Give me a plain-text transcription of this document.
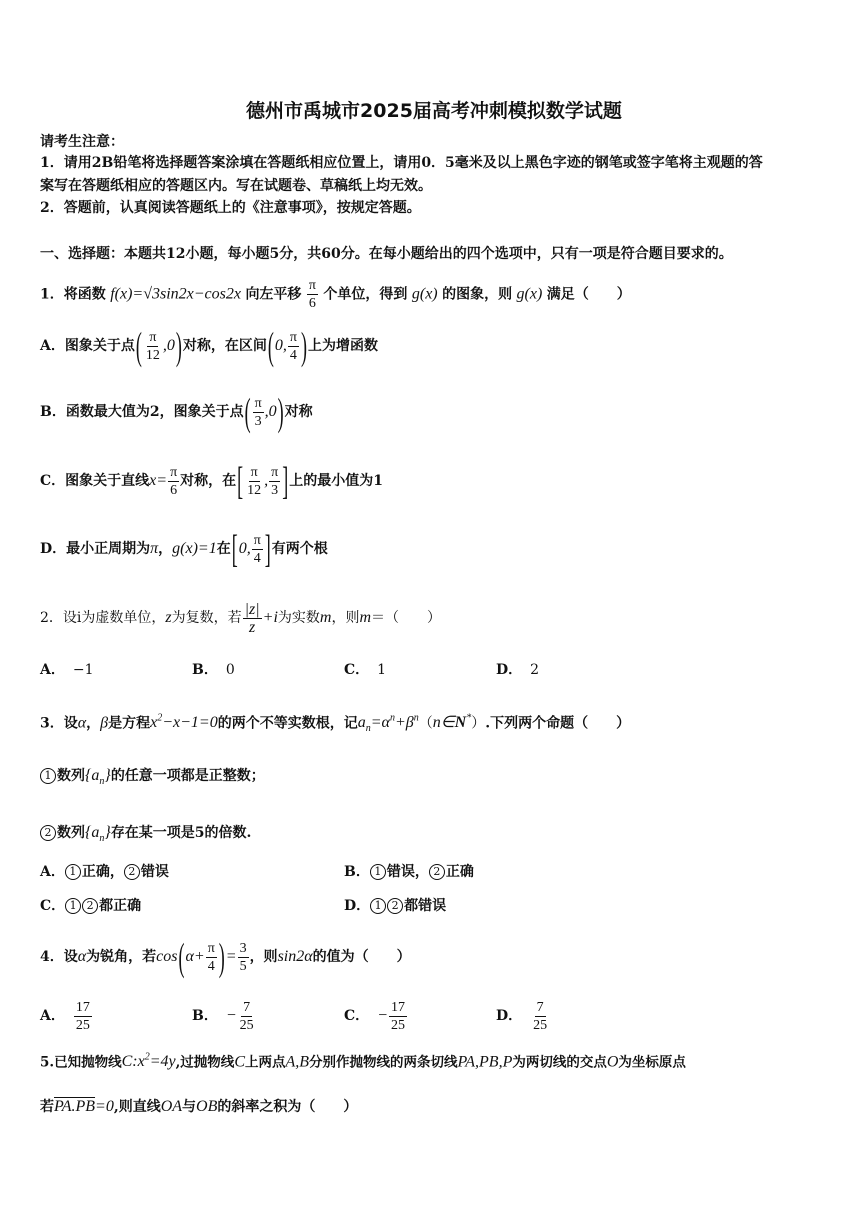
德州市禹城市2025届高考冲刺模拟数学试题
请考生注意：
1．请用2B铅笔将选择题答案涂填在答题纸相应位置上，请用0．5毫米及以上黑色字迹的钢笔或签字笔将主观题的答
案写在答题纸相应的答题区内。写在试题卷、草稿纸上均无效。
2．答题前，认真阅读答题纸上的《注意事项》，按规定答题。
一、选择题：本题共12小题，每小题5分，共60分。在每小题给出的四个选项中，只有一项是符合题目要求的。
1．将函数 f(x)=√3sin2x−cos2x 向左平移 $\frac{\pi}{6}$ 个单位，得到 g(x) 的图象，则 g(x) 满足（　　）
A．图象关于点( $\frac{\pi}{12} ,0$)对称，在区间(0, $\frac{\pi}{4}$ )上为增函数
B．函数最大值为2，图象关于点( $\frac{\pi}{3} ,0$)对称
C．图象关于直线$x= \frac{\pi}{6}$ 对称，在[ $\frac{\pi}{12}$ , $\frac{\pi}{3}$ ]上的最小值为1
D．最小正周期为π，g(x)=1在[0, $\frac{\pi}{4}$ ]有两个根
2．设i为虚数单位，z为复数，若 $\frac{|z|}{z} +i$为实数m，则m＝（　　）
A． −1	B． 0	C． 1	D． 2
3．设α，β是方程$x^2-x-1=0$的两个不等实数根，记$a_n=\alpha^n+\beta^n(n\in N^*)$.下列两个命题（　　）
1 数列$\{a_n\}$的任意一项都是正整数；
2 数列$\{a_n\}$存在某一项是5的倍数.
A． 1 正确， 2 错误	B． 1 错误， 2 正确
C． 1 2 都正确	D． 1 2 都错误
4．设α为锐角，若$\cos(\alpha+ \frac{\pi}{4}$ )= $\frac{3}{5}$ ，则sin2α的值为（　　）
A． $\frac{17}{25}$	B． − $\frac{7}{25}$	C． − $\frac{17}{25}$	D． $\frac{7}{25}$
5.已知抛物线$C:x^2=4y$,过抛物线C上两点A,B分别作抛物线的两条切线PA,PB,P为两切线的交点O为坐标原点
若PA.PB=0,则直线OA与OB的斜率之积为（　　）
